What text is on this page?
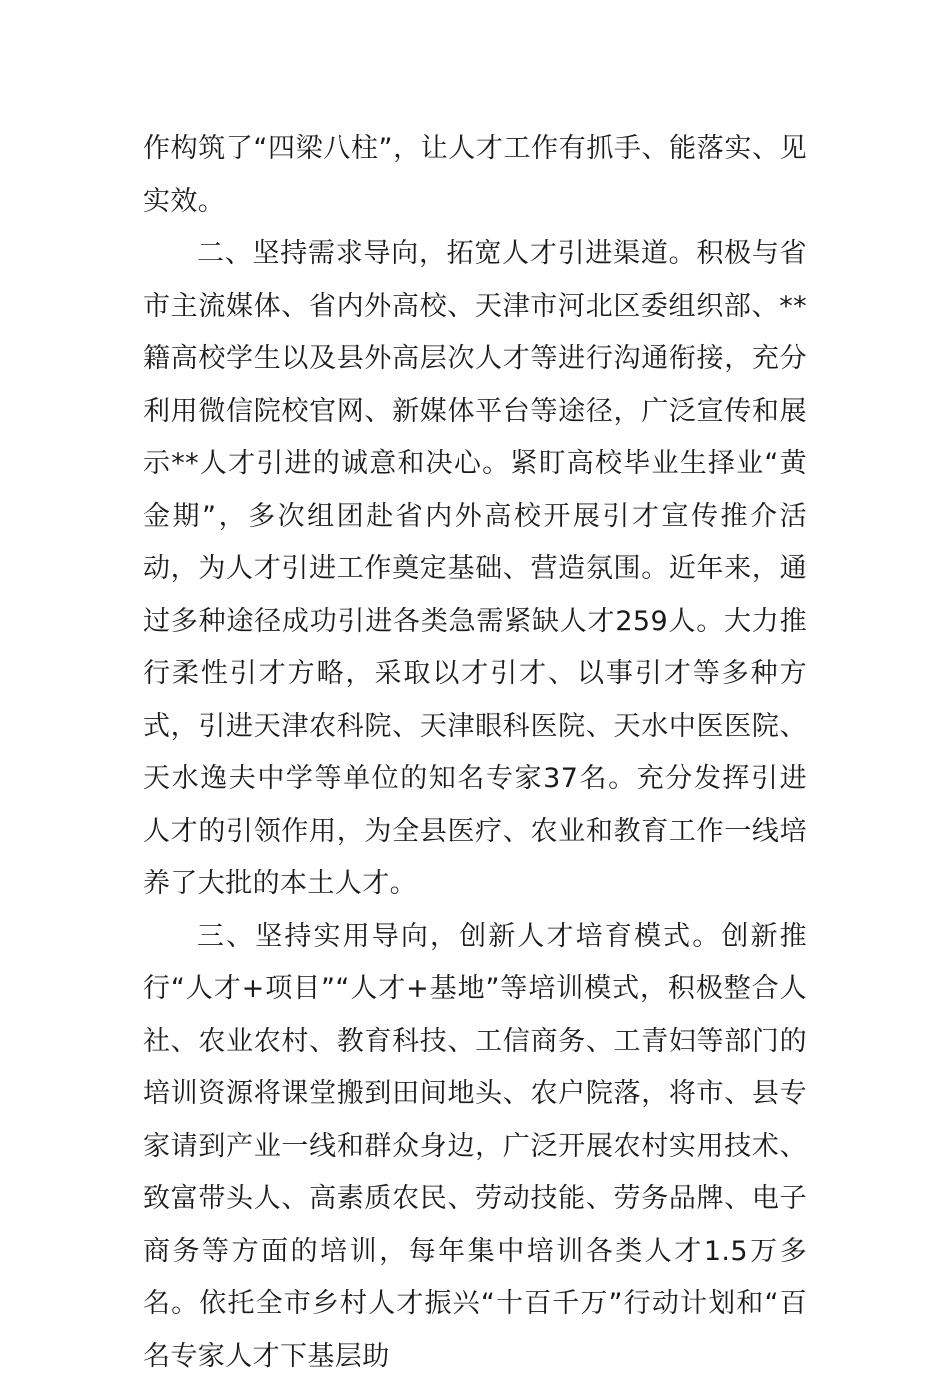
作构筑了“四梁八柱”，让人才工作有抓手、能落实、见实效。

二、坚持需求导向，拓宽人才引进渠道。积极与省市主流媒体、省内外高校、天津市河北区委组织部、**籍高校学生以及县外高层次人才等进行沟通衔接，充分利用微信院校官网、新媒体平台等途径，广泛宣传和展示**人才引进的诚意和决心。紧盯高校毕业生择业“黄金期”，多次组团赴省内外高校开展引才宣传推介活动，为人才引进工作奠定基础、营造氛围。近年来，通过多种途径成功引进各类急需紧缺人才259人。大力推行柔性引才方略，采取以才引才、以事引才等多种方式，引进天津农科院、天津眼科医院、天水中医医院、天水逸夫中学等单位的知名专家37名。充分发挥引进人才的引领作用，为全县医疗、农业和教育工作一线培养了大批的本土人才。

三、坚持实用导向，创新人才培育模式。创新推行“人才+项目”“人才+基地”等培训模式，积极整合人社、农业农村、教育科技、工信商务、工青妇等部门的培训资源将课堂搬到田间地头、农户院落，将市、县专家请到产业一线和群众身边，广泛开展农村实用技术、致富带头人、高素质农民、劳动技能、劳务品牌、电子商务等方面的培训，每年集中培训各类人才1.5万多名。依托全市乡村人才振兴“十百千万”行动计划和“百名专家人才下基层助
